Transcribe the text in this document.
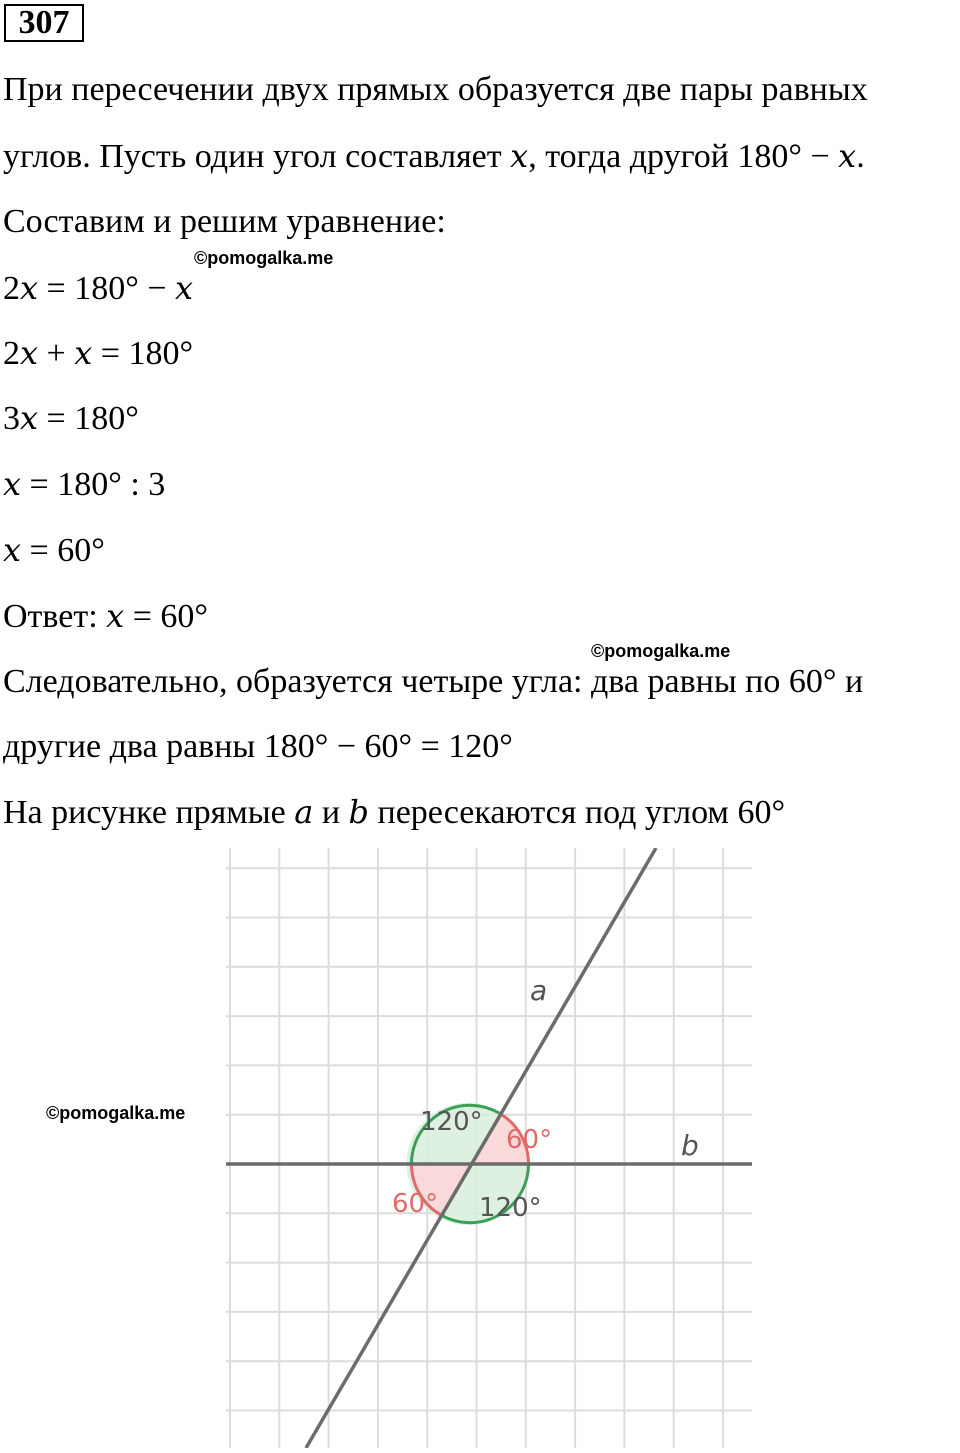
307
При пересечении двух прямых образуется две пары равных
углов. Пусть один угол составляет x, тогда другой 180° − x.
Составим и решим уравнение:
©pomogalka.me
2x = 180° − x
2x + x = 180°
3x = 180°
x = 180° : 3
x = 60°
Ответ: x = 60°
©pomogalka.me
Следовательно, образуется четыре угла: два равны по 60° и
другие два равны 180° − 60° = 120°
На рисунке прямые a и b пересекаются под углом 60°
©pomogalka.me
a
b
120°
60°
60° 120°
